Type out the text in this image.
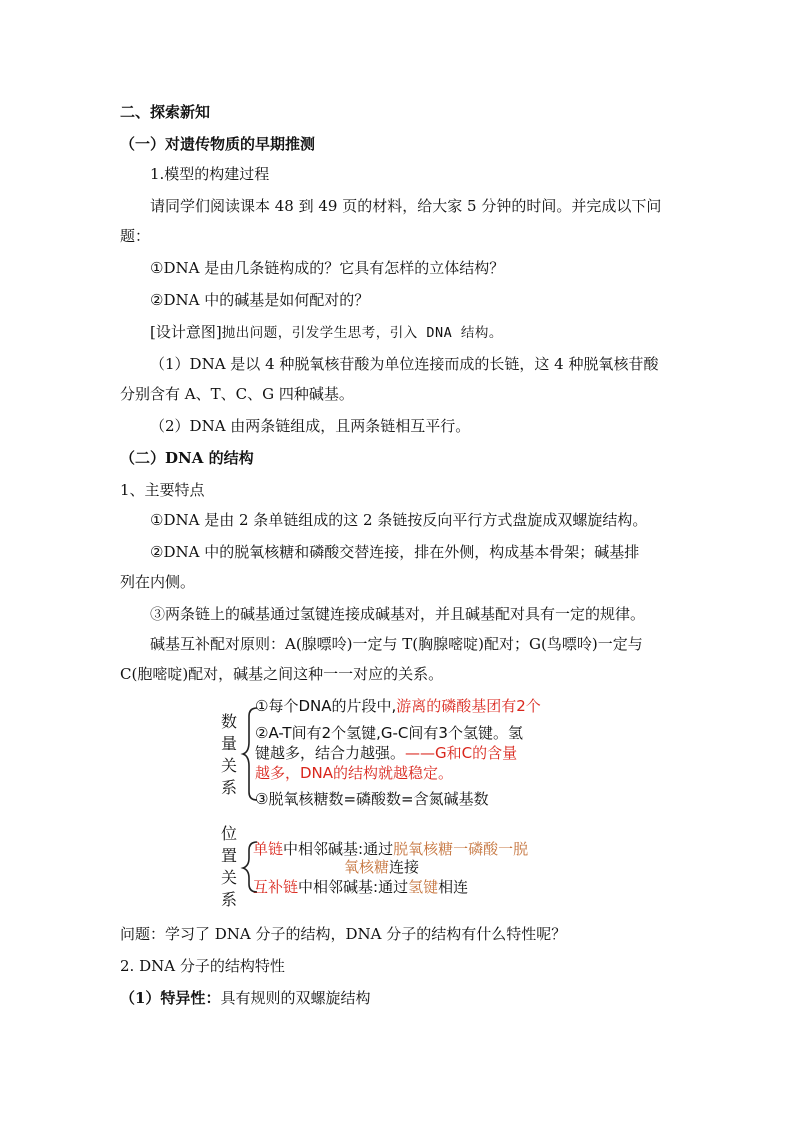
二、探索新知
（一）对遗传物质的早期推测
1.模型的构建过程
请同学们阅读课本 48 到 49 页的材料，给大家 5 分钟的时间。并完成以下问
题：
①DNA 是由几条链构成的？它具有怎样的立体结构？
②DNA 中的碱基是如何配对的？
[设计意图]抛出问题，引发学生思考，引入 DNA 结构。
（1）DNA 是以 4 种脱氧核苷酸为单位连接而成的长链，这 4 种脱氧核苷酸
分别含有 A、T、C、G 四种碱基。
（2）DNA 由两条链组成，且两条链相互平行。
（二）DNA 的结构
1、主要特点
①DNA 是由 2 条单链组成的这 2 条链按反向平行方式盘旋成双螺旋结构。
②DNA 中的脱氧核糖和磷酸交替连接，排在外侧，构成基本骨架；碱基排
列在内侧。
③两条链上的碱基通过氢键连接成碱基对，并且碱基配对具有一定的规律。
碱基互补配对原则：A(腺嘌呤)一定与 T(胸腺嘧啶)配对；G(鸟嘌呤)一定与
C(胞嘧啶)配对，碱基之间这种一一对应的关系。
数
量
关
系
①每个DNA的片段中,游离的磷酸基团有2个
②A-T间有2个氢键,G-C间有3个氢键。氢
键越多，结合力越强。——G和C的含量
越多，DNA的结构就越稳定。
③脱氧核糖数=磷酸数=含氮碱基数
位
置
关
系
单链中相邻碱基:通过脱氧核糖一磷酸一脱
氧核糖连接
互补链中相邻碱基:通过氢键相连
问题：学习了 DNA 分子的结构，DNA 分子的结构有什么特性呢？
2. DNA 分子的结构特性
（1）特异性：具有规则的双螺旋结构
